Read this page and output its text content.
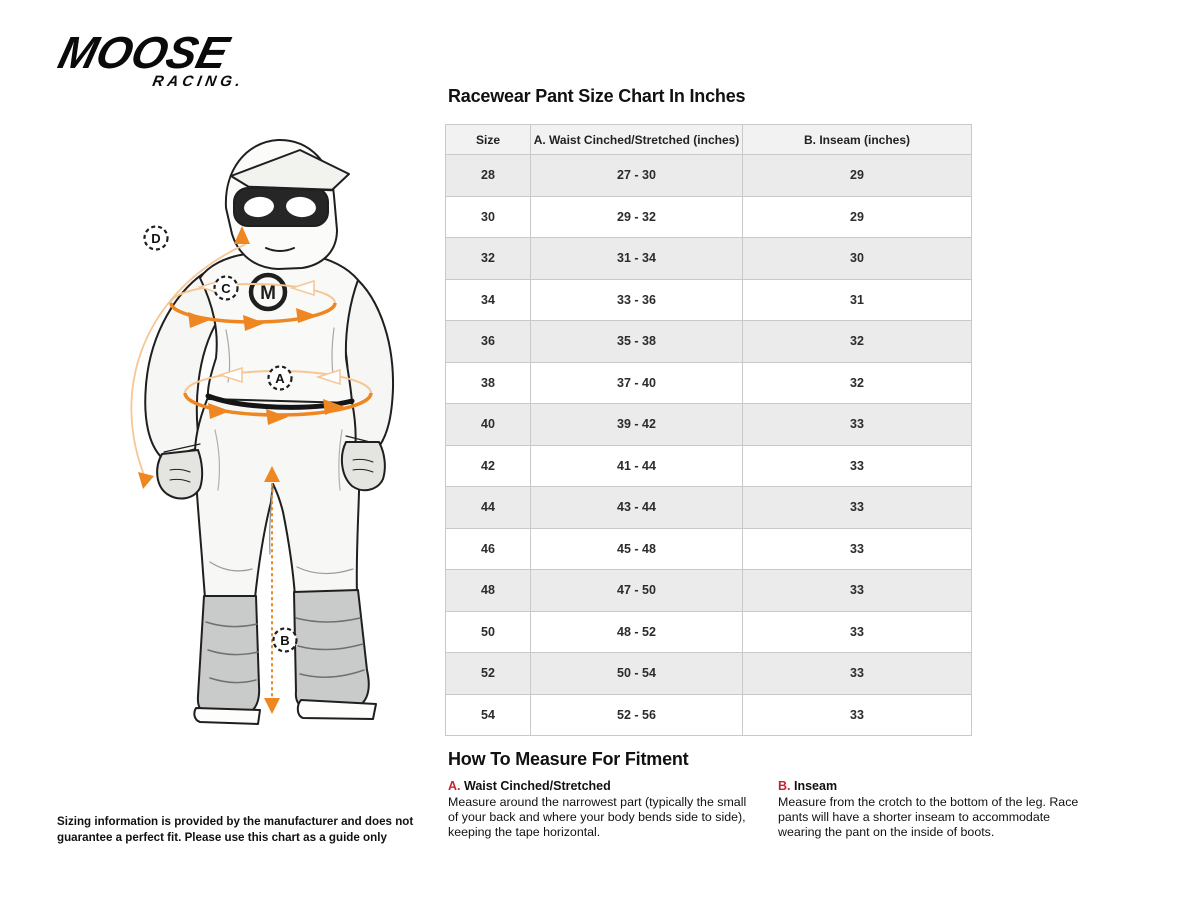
MOOSE
RACING.
M
D
C
A
B
Racewear Pant Size Chart In Inches
Size	A. Waist Cinched/Stretched (inches)	B. Inseam (inches)
28	27 - 30	29
30	29 - 32	29
32	31 - 34	30
34	33 - 36	31
36	35 - 38	32
38	37 - 40	32
40	39 - 42	33
42	41 - 44	33
44	43 - 44	33
46	45 - 48	33
48	47 - 50	33
50	48 - 52	33
52	50 - 54	33
54	52 - 56	33
How To Measure For Fitment
A. Waist Cinched/Stretched

Measure around the narrowest part (typically the small of your back and where your body bends side to side), keeping the tape horizontal.

B. Inseam

Measure from the crotch to the bottom of the leg. Race pants will have a shorter inseam to accommodate wearing the pant on the inside of boots.

Sizing information is provided by the manufacturer and does not guarantee a perfect fit. Please use this chart as a guide only
